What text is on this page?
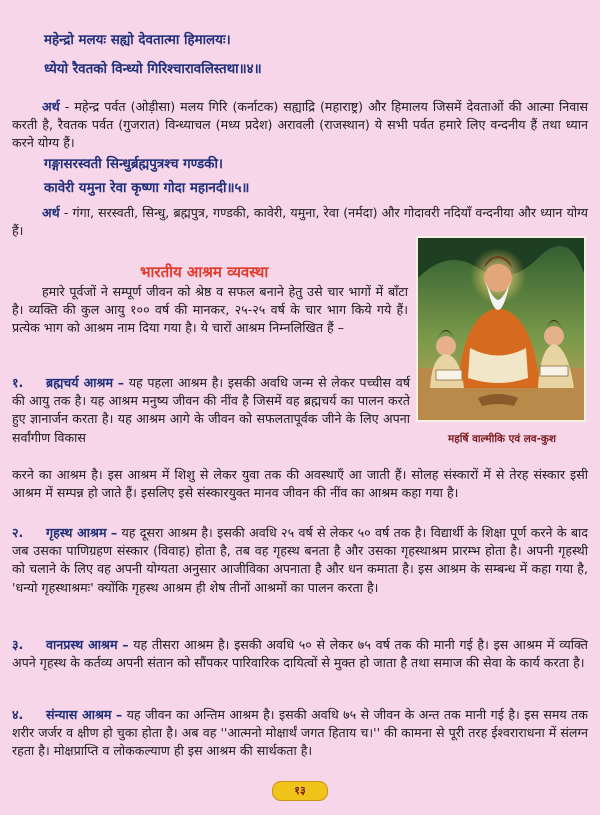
महेन्द्रो मलयः सह्यो देवतात्मा हिमालयः।
ध्येयो रैवतको विन्ध्यो गिरिश्चारावलिस्तथा॥४॥
अर्थ - महेन्द्र पर्वत (ओड़ीसा) मलय गिरि (कर्नाटक) सह्याद्रि (महाराष्ट्र) और हिमालय जिसमें देवताओं की आत्मा निवास करती है, रैवतक पर्वत (गुजरात) विन्ध्याचल (मध्य प्रदेश) अरावली (राजस्थान) ये सभी पर्वत हमारे लिए वन्दनीय हैं तथा ध्यान करने योग्य हैं।
गङ्गासरस्वती सिन्धुर्ब्रह्मपुत्रश्च गण्डकी।
कावेरी यमुना रेवा कृष्णा गोदा महानदी॥५॥
अर्थ - गंगा, सरस्वती, सिन्धु, ब्रह्मपुत्र, गण्डकी, कावेरी, यमुना, रेवा (नर्मदा) और गोदावरी नदियाँ वन्दनीया और ध्यान योग्य हैं।
भारतीय आश्रम व्यवस्था
महर्षि वाल्मीकि एवं लव-कुश
हमारे पूर्वजों ने सम्पूर्ण जीवन को श्रेष्ठ व सफल बनाने हेतु उसे चार भागों में बाँटा है। व्यक्ति की कुल आयु १०० वर्ष की मानकर, २५-२५ वर्ष के चार भाग किये गये हैं। प्रत्येक भाग को आश्रम नाम दिया गया है। ये चारों आश्रम निम्नलिखित हैं –
१. ब्रह्मचर्य आश्रम – यह पहला आश्रम है। इसकी अवधि जन्म से लेकर पच्चीस वर्ष की आयु तक है। यह आश्रम मनुष्य जीवन की नींव है जिसमें वह ब्रह्मचर्य का पालन करते हुए ज्ञानार्जन करता है। यह आश्रम आगे के जीवन को सफलतापूर्वक जीने के लिए अपना सर्वांगीण विकास
करने का आश्रम है। इस आश्रम में शिशु से लेकर युवा तक की अवस्थाएँ आ जाती हैं। सोलह संस्कारों में से तेरह संस्कार इसी आश्रम में सम्पन्न हो जाते हैं। इसलिए इसे संस्कारयुक्त मानव जीवन की नींव का आश्रम कहा गया है।
२. गृहस्थ आश्रम – यह दूसरा आश्रम है। इसकी अवधि २५ वर्ष से लेकर ५० वर्ष तक है। विद्यार्थी के शिक्षा पूर्ण करने के बाद जब उसका पाणिग्रहण संस्कार (विवाह) होता है, तब वह गृहस्थ बनता है और उसका गृहस्थाश्रम प्रारम्भ होता है। अपनी गृहस्थी को चलाने के लिए वह अपनी योग्यता अनुसार आजीविका अपनाता है और धन कमाता है। इस आश्रम के सम्बन्ध में कहा गया है, 'धन्यो गृहस्थाश्रमः' क्योंकि गृहस्थ आश्रम ही शेष तीनों आश्रमों का पालन करता है।
३. वानप्रस्थ आश्रम – यह तीसरा आश्रम है। इसकी अवधि ५० से लेकर ७५ वर्ष तक की मानी गई है। इस आश्रम में व्यक्ति अपने गृहस्थ के कर्तव्य अपनी संतान को सौंपकर पारिवारिक दायित्वों से मुक्त हो जाता है तथा समाज की सेवा के कार्य करता है।
४. संन्यास आश्रम – यह जीवन का अन्तिम आश्रम है। इसकी अवधि ७५ से जीवन के अन्त तक मानी गई है। इस समय तक शरीर जर्जर व क्षीण हो चुका होता है। अब वह ''आत्मनो मोक्षार्थं जगत हिताय च।'' की कामना से पूरी तरह ईश्वराराधना में संलग्न रहता है। मोक्षप्राप्ति व लोककल्याण ही इस आश्रम की सार्थकता है।
१३
